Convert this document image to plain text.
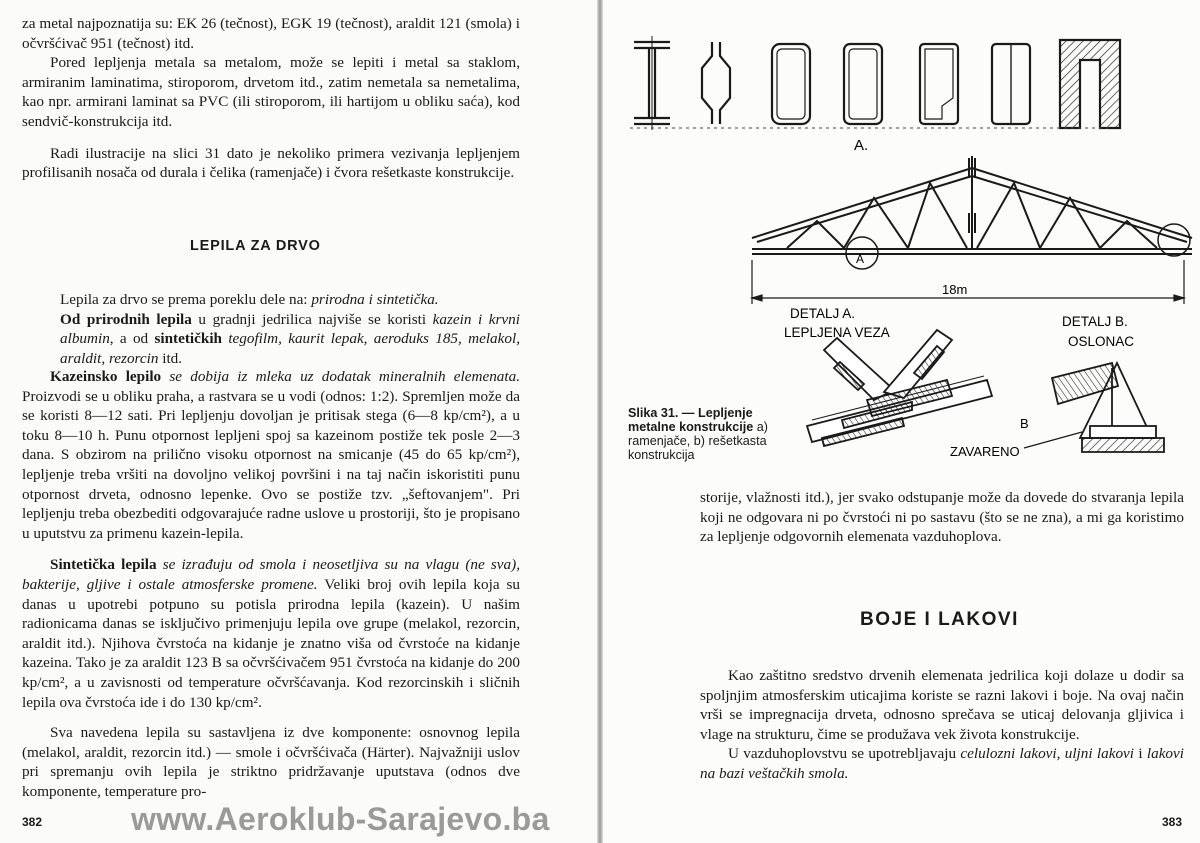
za metal najpoznatija su: EK 26 (tečnost), EGK 19 (tečnost), araldit 121 (smola) i očvršćivač 951 (tečnost) itd.

Pored lepljenja metala sa metalom, može se lepiti i metal sa staklom, armiranim laminatima, stiroporom, drvetom itd., zatim nemetala sa nemetalima, kao npr. armirani laminat sa PVC (ili stiroporom, ili hartijom u obliku saća), kod sendvič-konstrukcija itd.

Radi ilustracije na slici 31 dato je nekoliko primera vezivanja lepljenjem profilisanih nosača od durala i čelika (ramenjače) i čvora rešetkaste konstrukcije.

LEPILA ZA DRVO

Lepila za drvo se prema poreklu dele na: prirodna i sintetička.

Od prirodnih lepila u gradnji jedrilica najviše se koristi kazein i krvni albumin, a od sintetičkih tegofilm, kaurit lepak, aeroduks 185, melakol, araldit, rezorcin itd.

Kazeinsko lepilo se dobija iz mleka uz dodatak mineralnih elemenata. Proizvodi se u obliku praha, a rastvara se u vodi (odnos: 1:2). Spremljen može da se koristi 8—12 sati. Pri lepljenju dovoljan je pritisak stega (6—8 kp/cm²), a u toku 8—10 h. Punu otpornost lepljeni spoj sa kazeinom postiže tek posle 2—3 dana. S obzirom na prilično visoku otpornost na smicanje (45 do 65 kp/cm²), lepljenje treba vršiti na dovoljno velikoj površini i na taj način iskoristiti punu otpornost drveta, odnosno lepenke. Ovo se postiže tzv. „šeftovanjem". Pri lepljenju treba obezbediti odgovarajuće radne uslove u prostoriji, što je propisano u uputstvu za primenu kazein-lepila.

Sintetička lepila se izrađuju od smola i neosetljiva su na vlagu (ne sva), bakterije, gljive i ostale atmosferske promene. Veliki broj ovih lepila koja su danas u upotrebi potpuno su potisla prirodna lepila (kazein). U našim radionicama danas se isključivo primenjuju lepila ove grupe (melakol, rezorcin, araldit itd.). Njihova čvrstoća na kidanje je znatno viša od čvrstoće na kidanje kazeina. Tako je za araldit 123 B sa očvršćivačem 951 čvrstoća na kidanje do 200 kp/cm², a u zavisnosti od temperature očvršćavanja. Kod rezorcinskih i sličnih lepila ova čvrstoća ide i do 130 kp/cm².

Sva navedena lepila su sastavljena iz dve komponente: osnovnog lepila (melakol, araldit, rezorcin itd.) — smole i očvršćivača (Härter). Najvažniji uslov pri spremanju ovih lepila je striktno pridržavanje uputstava (odnos dve komponente, temperature pro-

382	www.Aeroklub-Sarajevo.ba
A.
A
18m
DETALJ A.
LEPLJENA VEZA
DETALJ B.
OSLONAC
B
ZAVARENO
Slika 31. — Lepljenje metalne konstrukcije a) ramenjače, b) rešetkasta konstrukcija

storije, vlažnosti itd.), jer svako odstupanje može da dovede do stvaranja lepila koji ne odgovara ni po čvrstoći ni po sastavu (što se ne zna), a mi ga koristimo za lepljenje odgovornih elemenata vazduhoplova.

BOJE I LAKOVI

Kao zaštitno sredstvo drvenih elemenata jedrilica koji dolaze u dodir sa spoljnjim atmosferskim uticajima koriste se razni lakovi i boje. Na ovaj način vrši se impregnacija drveta, odnosno sprečava se uticaj delovanja gljivica i vlage na strukturu, čime se produžava vek života konstrukcije.

U vazduhoplovstvu se upotrebljavaju celulozni lakovi, uljni lakovi i lakovi na bazi veštačkih smola.

383
